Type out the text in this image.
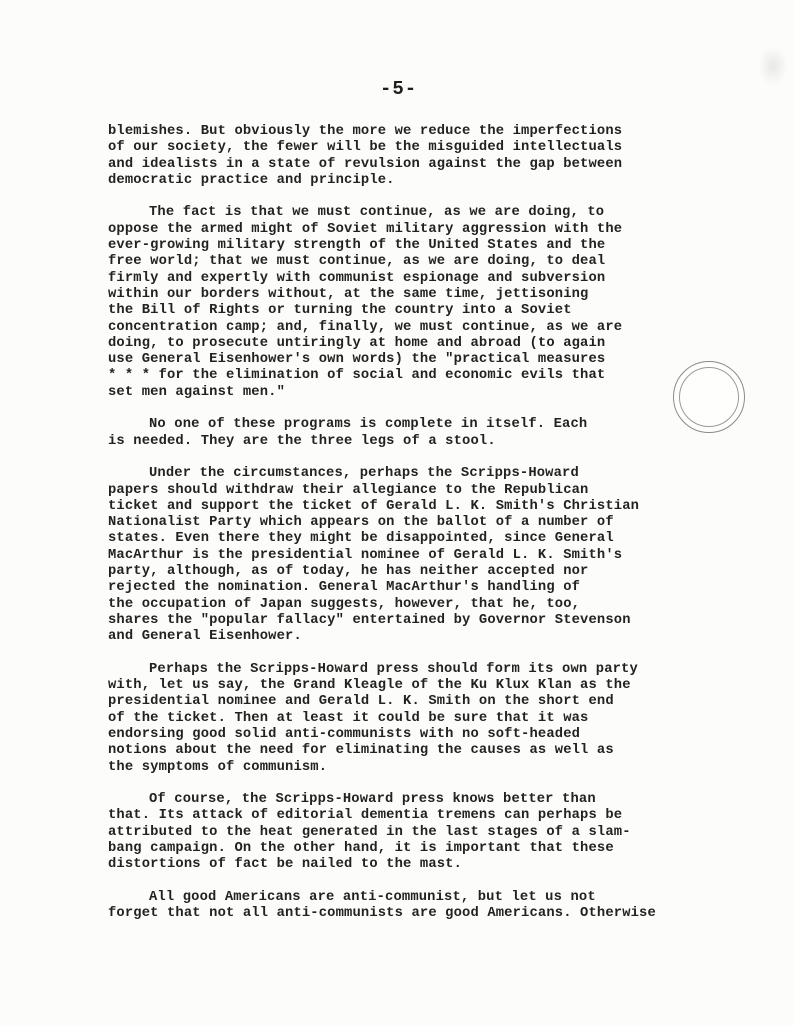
-5-
blemishes. But obviously the more we reduce the imperfections
of our society, the fewer will be the misguided intellectuals
and idealists in a state of revulsion against the gap between
democratic practice and principle.
The fact is that we must continue, as we are doing, to
oppose the armed might of Soviet military aggression with the
ever-growing military strength of the United States and the
free world; that we must continue, as we are doing, to deal
firmly and expertly with communist espionage and subversion
within our borders without, at the same time, jettisoning
the Bill of Rights or turning the country into a Soviet
concentration camp; and, finally, we must continue, as we are
doing, to prosecute untiringly at home and abroad (to again
use General Eisenhower's own words) the "practical measures
* * * for the elimination of social and economic evils that
set men against men."
No one of these programs is complete in itself. Each
is needed. They are the three legs of a stool.
Under the circumstances, perhaps the Scripps-Howard
papers should withdraw their allegiance to the Republican
ticket and support the ticket of Gerald L. K. Smith's Christian
Nationalist Party which appears on the ballot of a number of
states. Even there they might be disappointed, since General
MacArthur is the presidential nominee of Gerald L. K. Smith's
party, although, as of today, he has neither accepted nor
rejected the nomination. General MacArthur's handling of
the occupation of Japan suggests, however, that he, too,
shares the "popular fallacy" entertained by Governor Stevenson
and General Eisenhower.
Perhaps the Scripps-Howard press should form its own party
with, let us say, the Grand Kleagle of the Ku Klux Klan as the
presidential nominee and Gerald L. K. Smith on the short end
of the ticket. Then at least it could be sure that it was
endorsing good solid anti-communists with no soft-headed
notions about the need for eliminating the causes as well as
the symptoms of communism.
Of course, the Scripps-Howard press knows better than
that. Its attack of editorial dementia tremens can perhaps be
attributed to the heat generated in the last stages of a slam-
bang campaign. On the other hand, it is important that these
distortions of fact be nailed to the mast.
All good Americans are anti-communist, but let us not
forget that not all anti-communists are good Americans. Otherwise
